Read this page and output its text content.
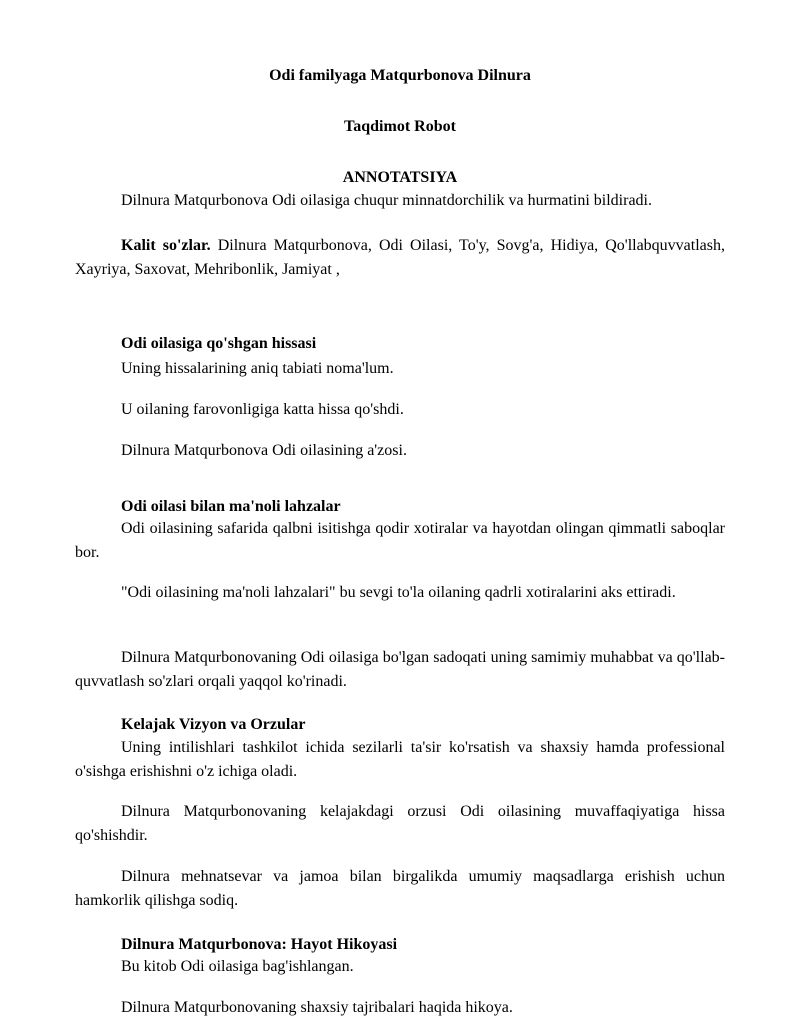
Odi familyaga Matqurbonova Dilnura
Taqdimot Robot
ANNOTATSIYA

Dilnura Matqurbonova Odi oilasiga chuqur minnatdorchilik va hurmatini bildiradi.

Kalit so'zlar. Dilnura Matqurbonova, Odi Oilasi, To'y, Sovg'a, Hidiya, Qo'llabquvvatlash, Xayriya, Saxovat, Mehribonlik, Jamiyat ,

Odi oilasiga qo'shgan hissasi

Uning hissalarining aniq tabiati noma'lum.

U oilaning farovonligiga katta hissa qo'shdi.

Dilnura Matqurbonova Odi oilasining a'zosi.

Odi oilasi bilan ma'noli lahzalar

Odi oilasining safarida qalbni isitishga qodir xotiralar va hayotdan olingan qimmatli saboqlar bor.

"Odi oilasining ma'noli lahzalari" bu sevgi to'la oilaning qadrli xotiralarini aks ettiradi.

Dilnura Matqurbonovaning Odi oilasiga bo'lgan sadoqati uning samimiy muhabbat va qo'llab-quvvatlash so'zlari orqali yaqqol ko'rinadi.

Kelajak Vizyon va Orzular

Uning intilishlari tashkilot ichida sezilarli ta'sir ko'rsatish va shaxsiy hamda professional o'sishga erishishni o'z ichiga oladi.

Dilnura Matqurbonovaning kelajakdagi orzusi Odi oilasining muvaffaqiyatiga hissa qo'shishdir.

Dilnura mehnatsevar va jamoa bilan birgalikda umumiy maqsadlarga erishish uchun hamkorlik qilishga sodiq.

Dilnura Matqurbonova: Hayot Hikoyasi

Bu kitob Odi oilasiga bag'ishlangan.

Dilnura Matqurbonovaning shaxsiy tajribalari haqida hikoya.
